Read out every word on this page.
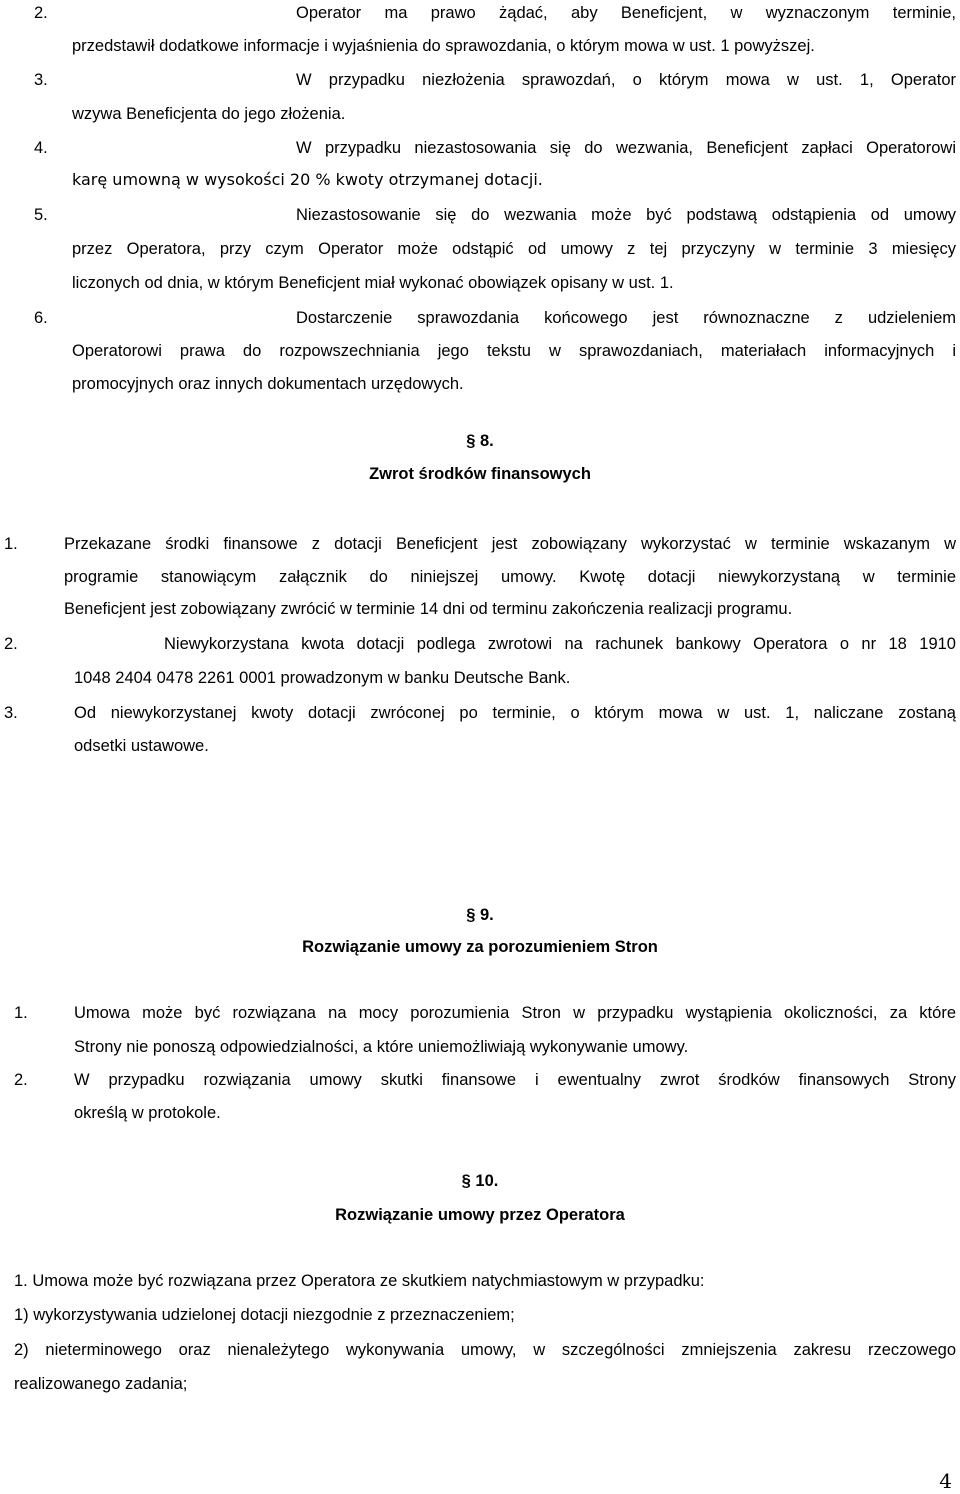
2.	Operator ma prawo żądać, aby Beneficjent, w wyznaczonym terminie,
przedstawił dodatkowe informacje i wyjaśnienia do sprawozdania, o którym mowa w ust. 1 powyższej.
3.	W przypadku niezłożenia sprawozdań, o którym mowa w ust. 1, Operator
wzywa Beneficjenta do jego złożenia.
4.	W przypadku niezastosowania się do wezwania, Beneficjent zapłaci Operatorowi
karę umowną w wysokości 20 % kwoty otrzymanej dotacji.
5.	Niezastosowanie się do wezwania może być podstawą odstąpienia od umowy
przez Operatora, przy czym Operator może odstąpić od umowy z tej przyczyny w terminie 3 miesięcy
liczonych od dnia, w którym Beneficjent miał wykonać obowiązek opisany w ust. 1.
6.	Dostarczenie sprawozdania końcowego jest równoznaczne z udzieleniem
Operatorowi prawa do rozpowszechniania jego tekstu w sprawozdaniach, materiałach informacyjnych i
promocyjnych oraz innych dokumentach urzędowych.
§ 8.
Zwrot środków finansowych
1.	Przekazane środki finansowe z dotacji Beneficjent jest zobowiązany wykorzystać w terminie wskazanym w
programie stanowiącym załącznik do niniejszej umowy. Kwotę dotacji niewykorzystaną w terminie
Beneficjent jest zobowiązany zwrócić w terminie 14 dni od terminu zakończenia realizacji programu.
2.	Niewykorzystana kwota dotacji podlega zwrotowi na rachunek bankowy Operatora o nr 18 1910
1048 2404 0478 2261 0001 prowadzonym w banku Deutsche Bank.
3.	Od niewykorzystanej kwoty dotacji zwróconej po terminie, o którym mowa w ust. 1, naliczane zostaną
odsetki ustawowe.
§ 9.
Rozwiązanie umowy za porozumieniem Stron
1.	Umowa może być rozwiązana na mocy porozumienia Stron w przypadku wystąpienia okoliczności, za które
Strony nie ponoszą odpowiedzialności, a które uniemożliwiają wykonywanie umowy.
2.	W przypadku rozwiązania umowy skutki finansowe i ewentualny zwrot środków finansowych Strony
określą w protokole.
§ 10.
Rozwiązanie umowy przez Operatora
1. Umowa może być rozwiązana przez Operatora ze skutkiem natychmiastowym w przypadku:
1) wykorzystywania udzielonej dotacji niezgodnie z przeznaczeniem;
2) nieterminowego oraz nienależytego wykonywania umowy, w szczególności zmniejszenia zakresu rzeczowego
realizowanego zadania;
4
